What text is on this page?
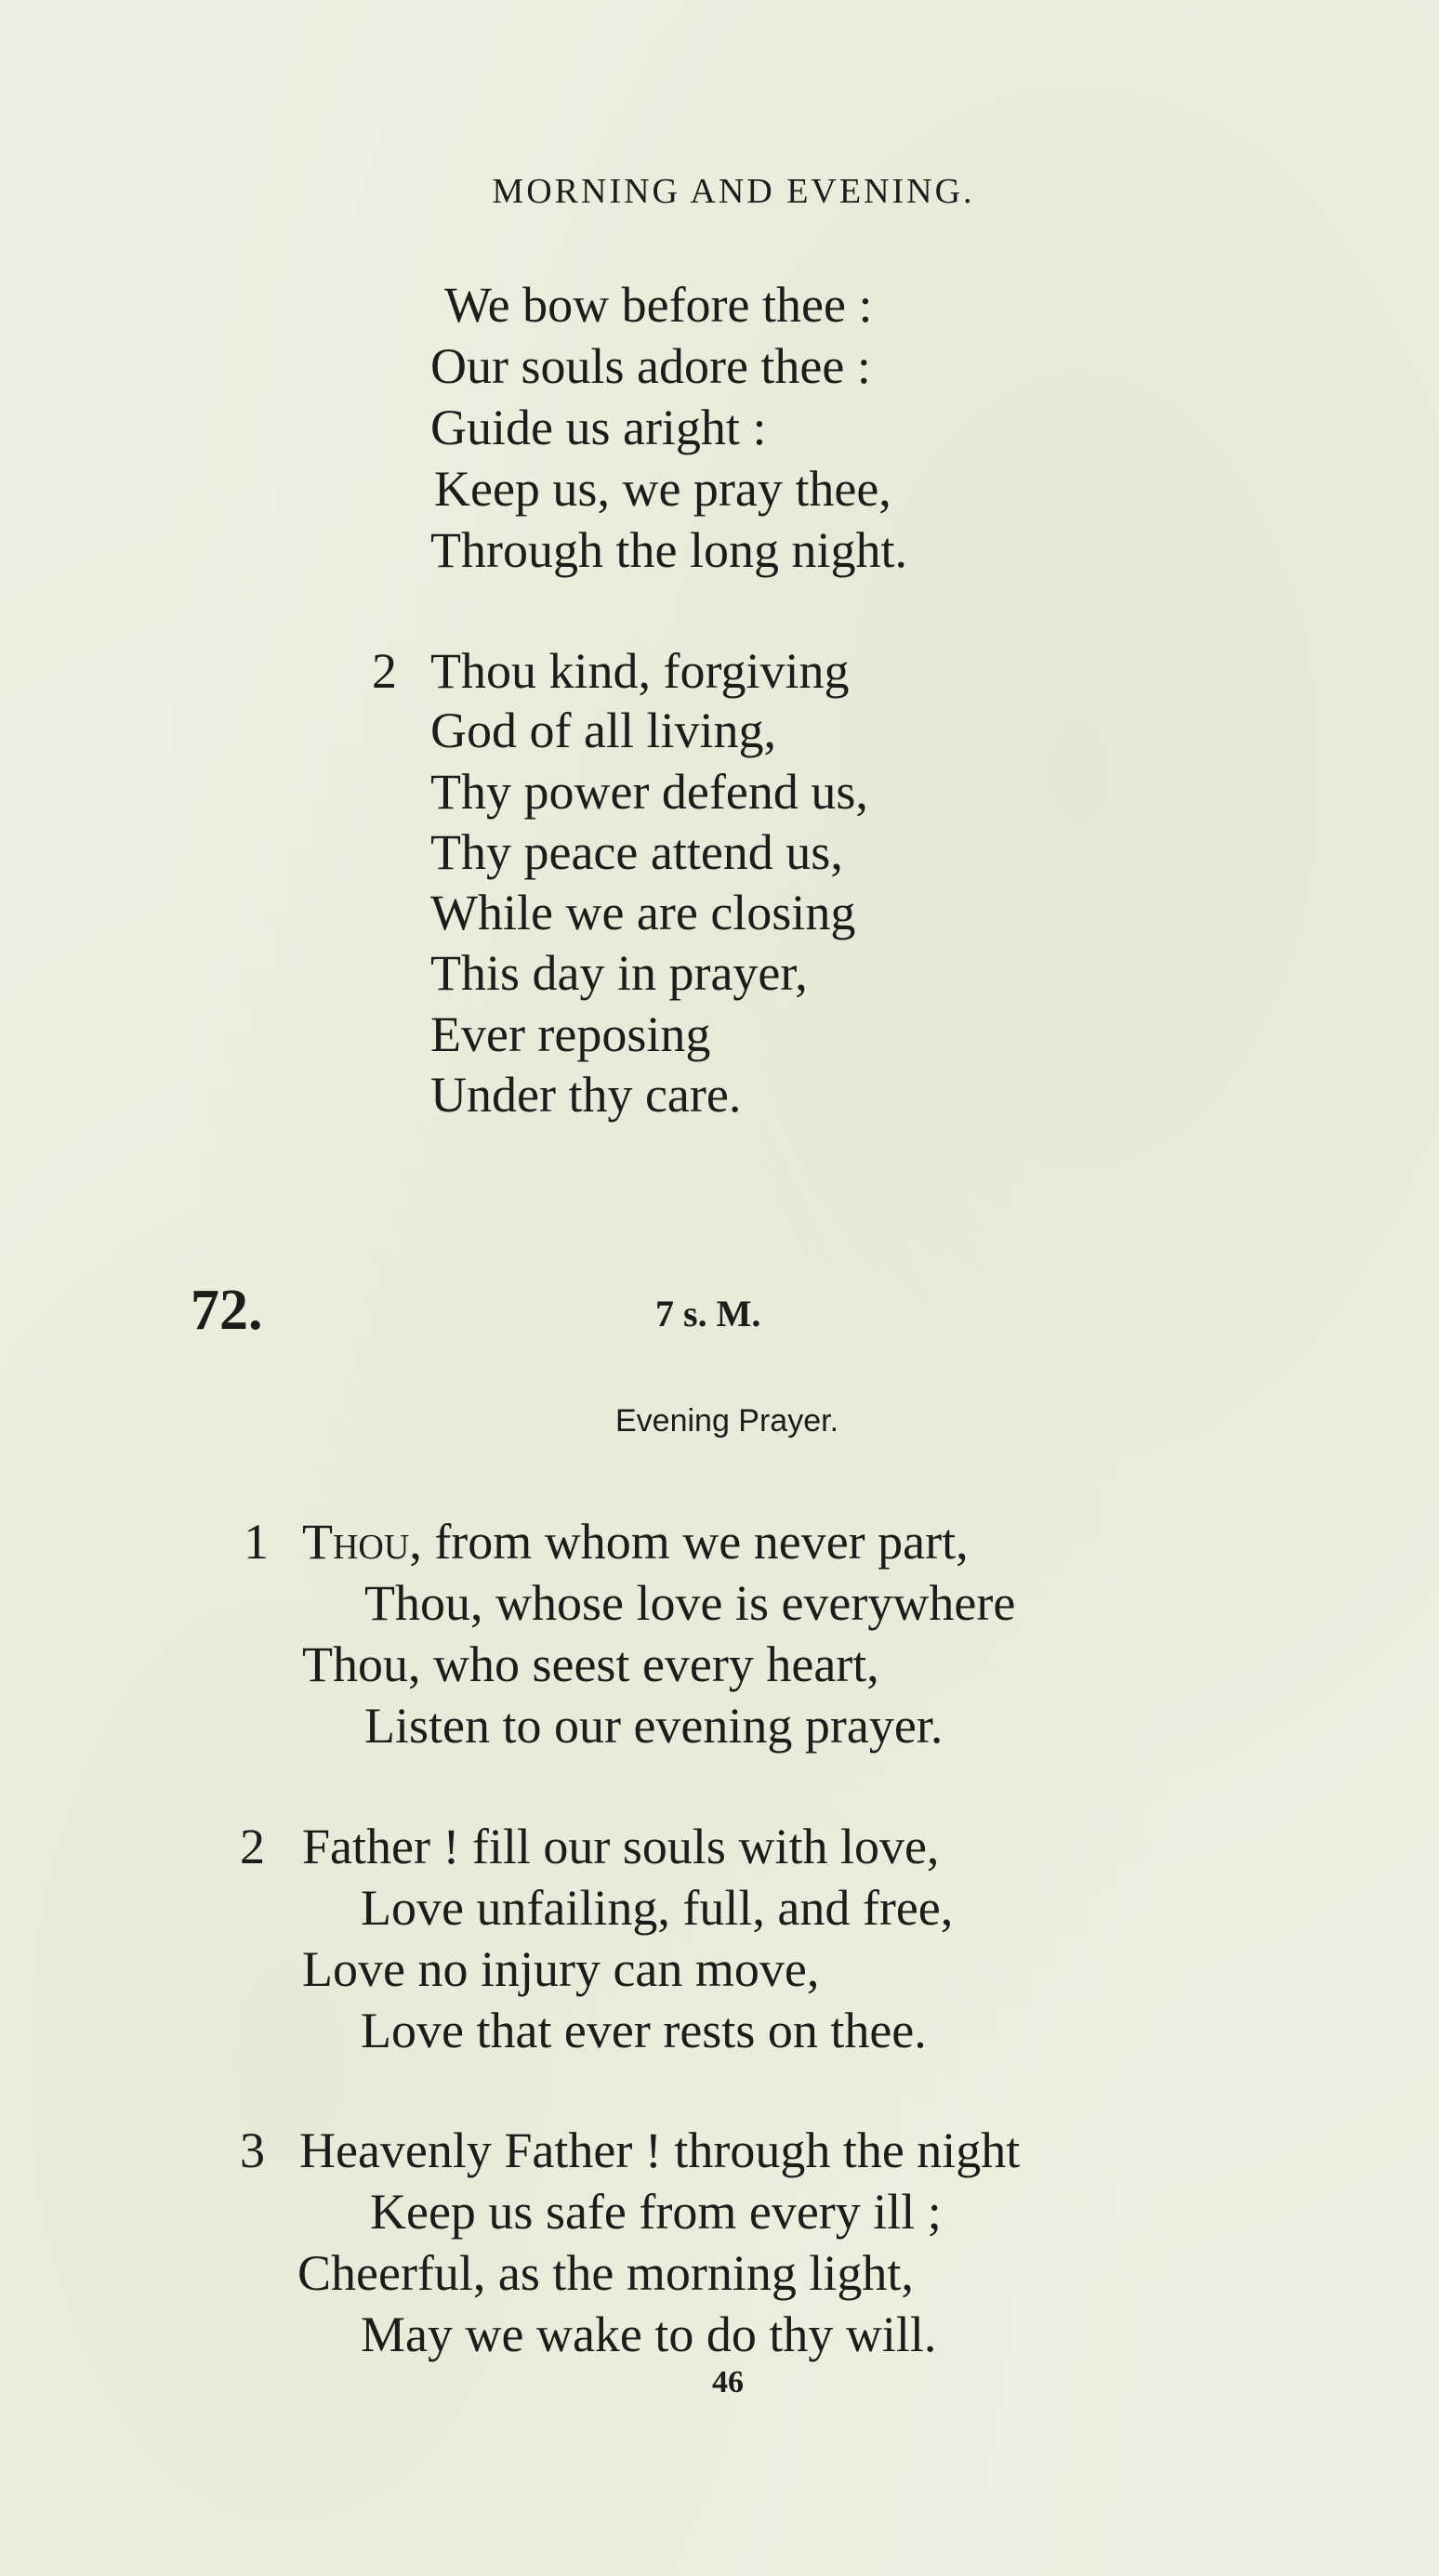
MORNING AND EVENING.
We bow before thee :
Our souls adore thee :
Guide us aright :
Keep us, we pray thee,
Through the long night.
2 Thou kind, forgiving
God of all living,
Thy power defend us,
Thy peace attend us,
While we are closing
This day in prayer,
Ever reposing
Under thy care.
72.	7 s. M.
Evening Prayer.
1 Thou, from whom we never part,
Thou, whose love is everywhere
Thou, who seest every heart,
Listen to our evening prayer.
2 Father ! fill our souls with love,
Love unfailing, full, and free,
Love no injury can move,
Love that ever rests on thee.
3 Heavenly Father ! through the night
Keep us safe from every ill ;
Cheerful, as the morning light,
May we wake to do thy will.
46
